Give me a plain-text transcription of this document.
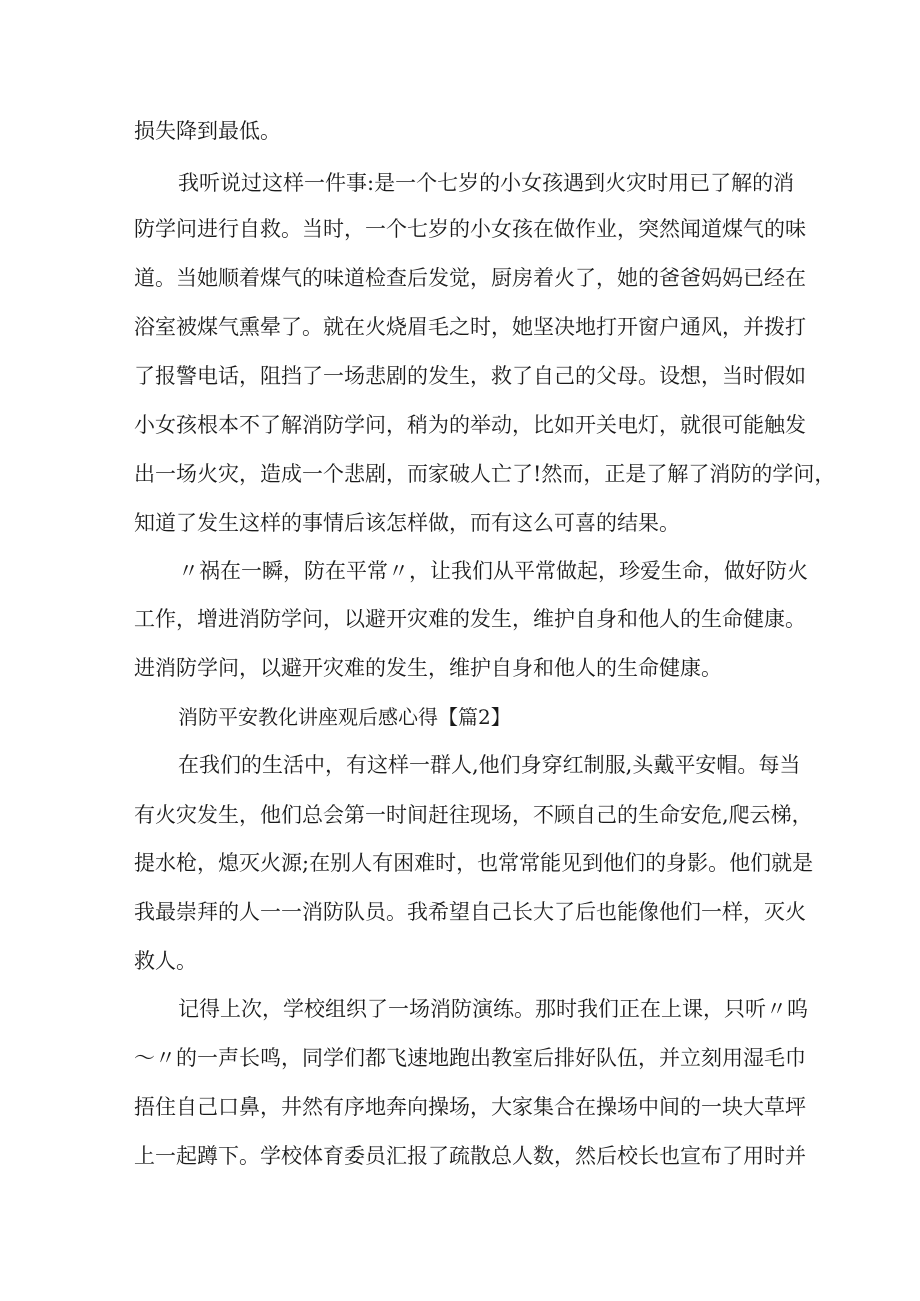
损失降到最低。

我听说过这样一件事:是一个七岁的小女孩遇到火灾时用已了解的消

防学问进行自救。当时，一个七岁的小女孩在做作业，突然闻道煤气的味

道。当她顺着煤气的味道检查后发觉，厨房着火了，她的爸爸妈妈已经在

浴室被煤气熏晕了。就在火烧眉毛之时，她坚决地打开窗户通风，并拨打

了报警电话，阻挡了一场悲剧的发生，救了自己的父母。设想，当时假如

小女孩根本不了解消防学问，稍为的举动，比如开关电灯，就很可能触发

出一场火灾，造成一个悲剧，而家破人亡了!然而，正是了解了消防的学问，

知道了发生这样的事情后该怎样做，而有这么可喜的结果。

〃祸在一瞬，防在平常〃，让我们从平常做起，珍爱生命，做好防火

工作，增进消防学问，以避开灾难的发生，维护自身和他人的生命健康。

进消防学问，以避开灾难的发生，维护自身和他人的生命健康。

消防平安教化讲座观后感心得【篇2】

在我们的生活中，有这样一群人,他们身穿红制服,头戴平安帽。每当

有火灾发生，他们总会第一时间赶往现场，不顾自己的生命安危,爬云梯，

提水枪，熄灭火源;在别人有困难时，也常常能见到他们的身影。他们就是

我最崇拜的人一一消防队员。我希望自己长大了后也能像他们一样，灭火

救人。

记得上次，学校组织了一场消防演练。那时我们正在上课，只听〃呜

～〃的一声长鸣，同学们都飞速地跑出教室后排好队伍，并立刻用湿毛巾

捂住自己口鼻，井然有序地奔向操场，大家集合在操场中间的一块大草坪

上一起蹲下。学校体育委员汇报了疏散总人数，然后校长也宣布了用时并
